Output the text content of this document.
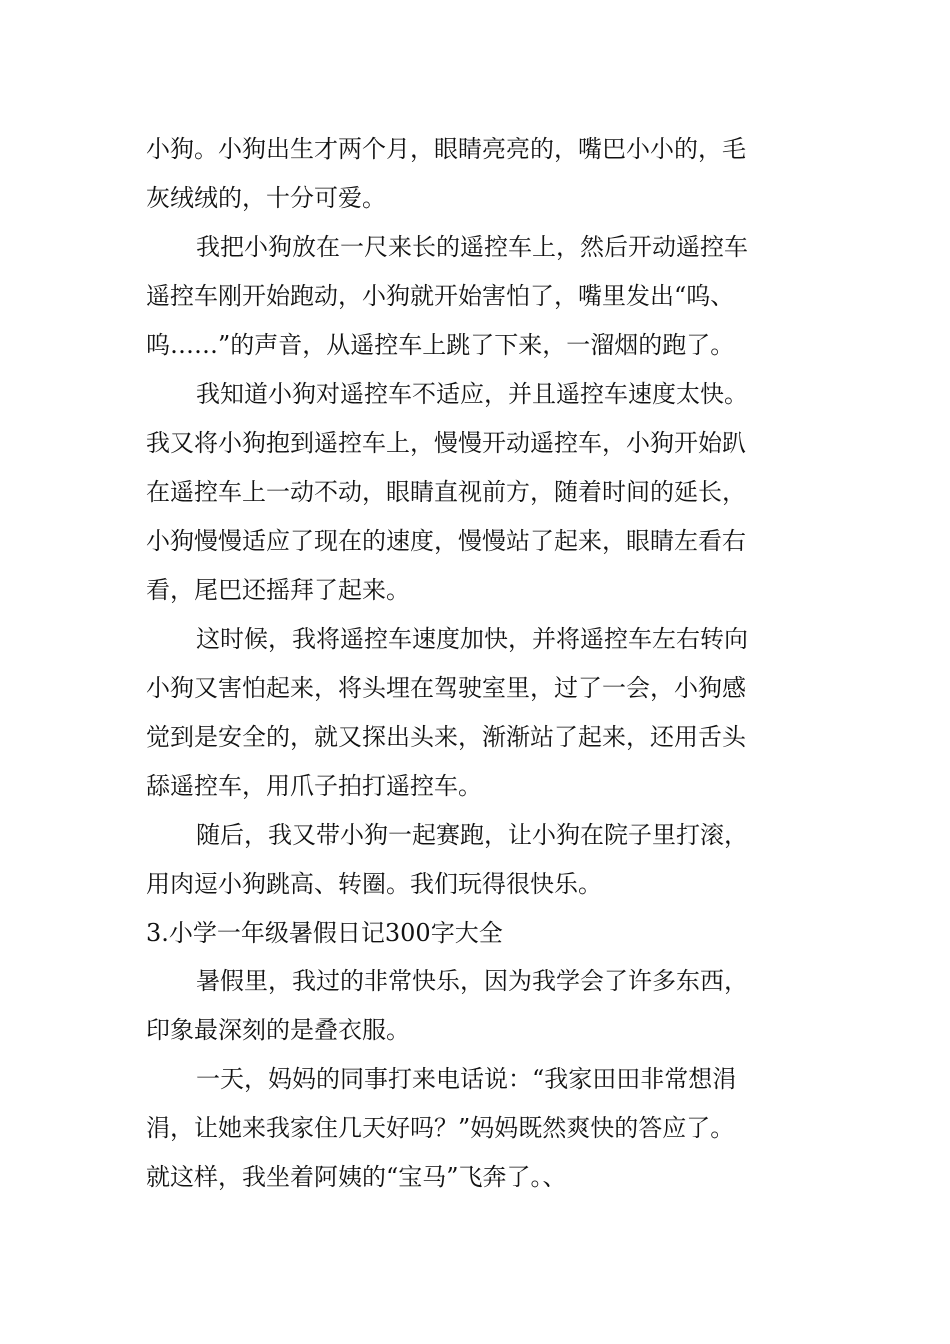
小狗。小狗出生才两个月，眼睛亮亮的，嘴巴小小的，毛
灰绒绒的，十分可爱。
我把小狗放在一尺来长的遥控车上，然后开动遥控车
遥控车刚开始跑动，小狗就开始害怕了，嘴里发出“呜、
呜……”的声音，从遥控车上跳了下来，一溜烟的跑了。
我知道小狗对遥控车不适应，并且遥控车速度太快。
我又将小狗抱到遥控车上，慢慢开动遥控车，小狗开始趴
在遥控车上一动不动，眼睛直视前方，随着时间的延长，
小狗慢慢适应了现在的速度，慢慢站了起来，眼睛左看右
看，尾巴还摇拜了起来。
这时候，我将遥控车速度加快，并将遥控车左右转向
小狗又害怕起来，将头埋在驾驶室里，过了一会，小狗感
觉到是安全的，就又探出头来，渐渐站了起来，还用舌头
舔遥控车，用爪子拍打遥控车。
随后，我又带小狗一起赛跑，让小狗在院子里打滚，
用肉逗小狗跳高、转圈。我们玩得很快乐。
3.小学一年级暑假日记300字大全
暑假里，我过的非常快乐，因为我学会了许多东西，
印象最深刻的是叠衣服。
一天，妈妈的同事打来电话说：“我家田田非常想涓
涓，让她来我家住几天好吗？”妈妈既然爽快的答应了。
就这样，我坐着阿姨的“宝马”飞奔了。、
